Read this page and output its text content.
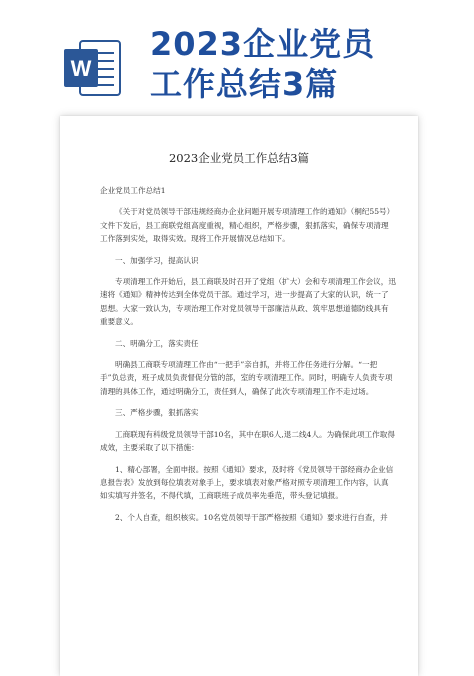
W
2023企业党员
工作总结3篇
2023企业党员工作总结3篇

企业党员工作总结1

《关于对党员领导干部违规经商办企业问题开展专项清理工作的通知》（桐纪55号）文件下发后，县工商联党组高度重视，精心组织，严格步骤，狠抓落实，确保专项清理工作落到实处，取得实效。现将工作开展情况总结如下。

一、加强学习，提高认识

专项清理工作开始后，县工商联及时召开了党组（扩大）会和专项清理工作会议，迅速将《通知》精神传达到全体党员干部。通过学习，进一步提高了大家的认识，统一了思想。大家一致认为，专项治理工作对党员领导干部廉洁从政、筑牢思想道德防线具有重要意义。

二、明确分工，落实责任

明确县工商联专项清理工作由“一把手”亲自抓，并将工作任务进行分解。“一把手”负总责，班子成员负责督促分管的部，室的专项清理工作。同时，明确专人负责专项清理的具体工作，通过明确分工，责任到人，确保了此次专项清理工作不走过场。

三、严格步骤，狠抓落实

工商联现有科级党员领导干部10名，其中在职6人,退二线4人。为确保此项工作取得成效，主要采取了以下措施：

1、精心部署，全面申报。按照《通知》要求，及时将《党员领导干部经商办企业信息报告表》发放到每位填表对象手上，要求填表对象严格对照专项清理工作内容，认真如实填写并签名，不得代填，工商联班子成员率先垂范，带头登记填报。

2、个人自查，组织核实。10名党员领导干部严格按照《通知》要求进行自查，并
